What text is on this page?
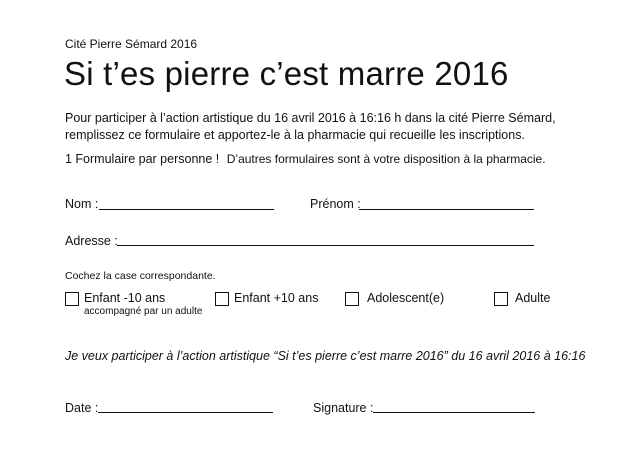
Cité Pierre Sémard 2016
Si t’es pierre c’est marre 2016
Pour participer à l’action artistique du 16 avril 2016 à 16:16 h dans la cité Pierre Sémard,
remplissez ce formulaire et apportez-le à la pharmacie qui recueille les inscriptions.
1 Formulaire par personne ! D’autres formulaires sont à votre disposition à la pharmacie.
Nom :	Prénom :
Adresse :
Cochez la case correspondante.
Enfant -10 ans
accompagné par un adulte
Enfant +10 ans	Adolescent(e)	Adulte
Je veux participer à l’action artistique “Si t’es pierre c’est marre 2016” du 16 avril 2016 à 16:16
Date :	Signature :
